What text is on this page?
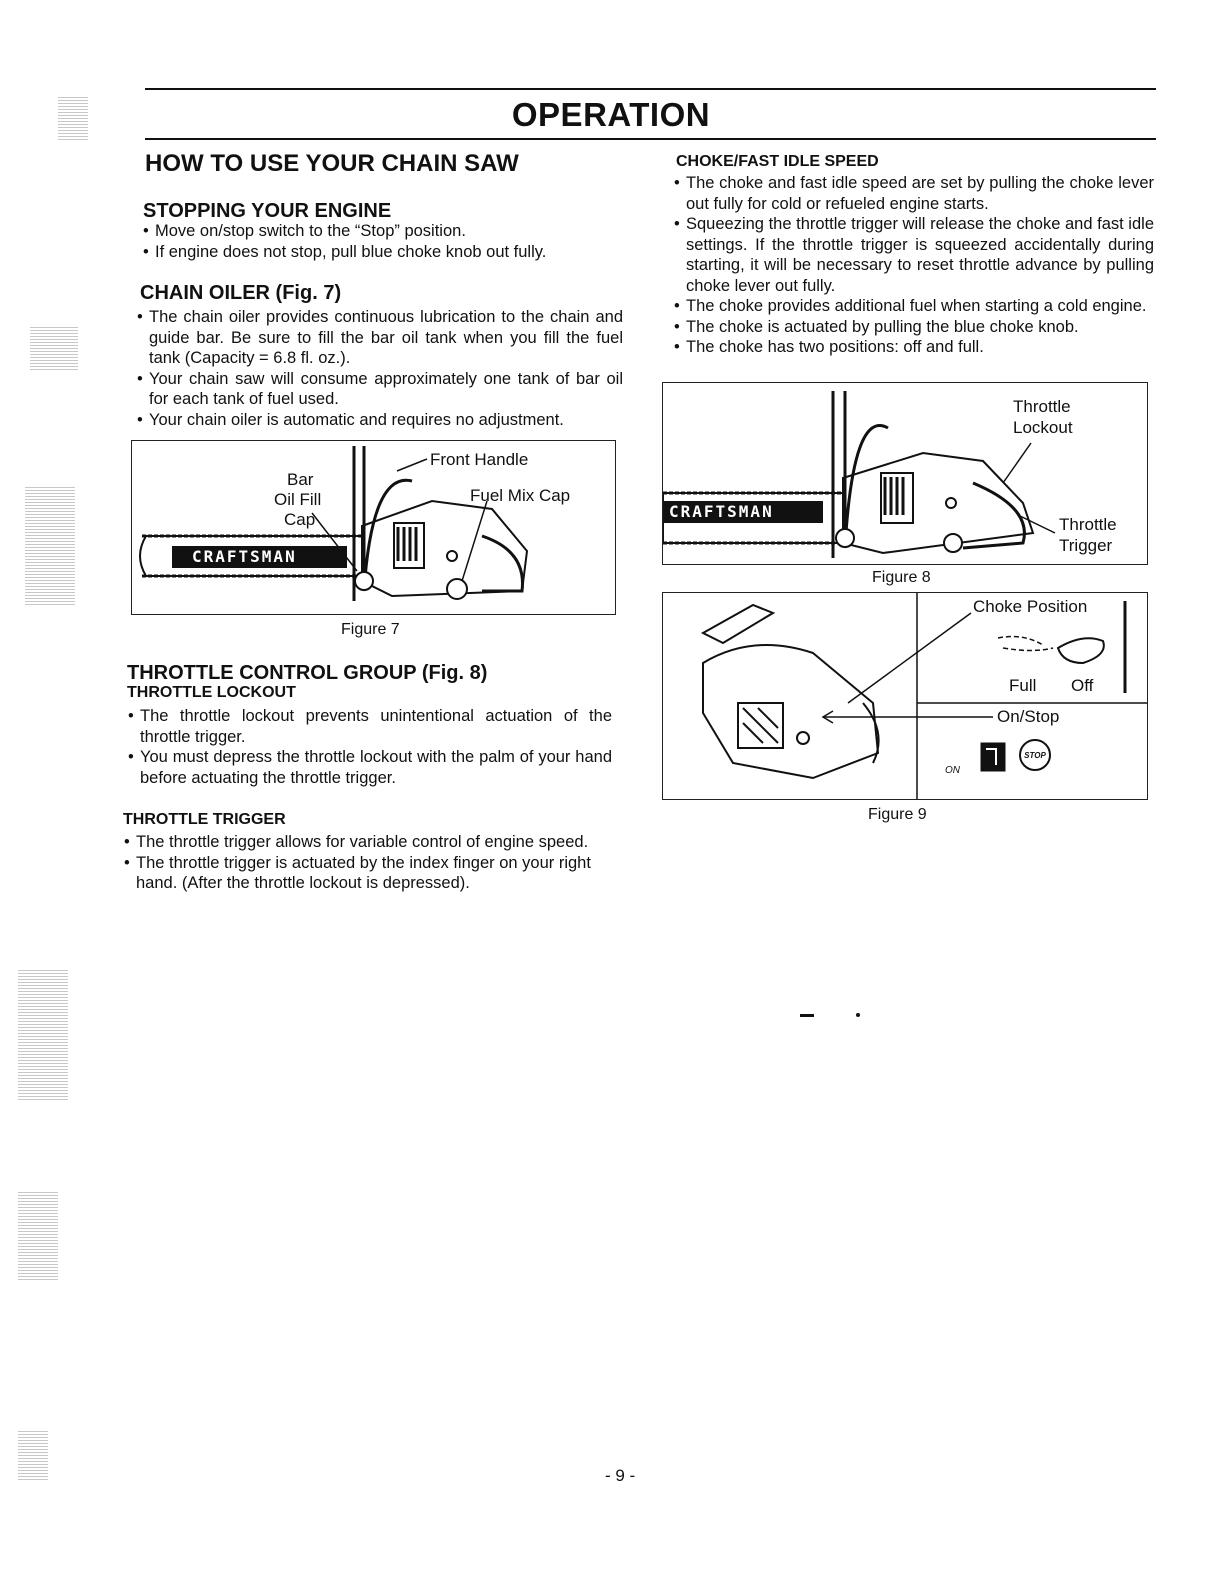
OPERATION
HOW TO USE YOUR CHAIN SAW
STOPPING YOUR ENGINE
• Move on/stop switch to the “Stop” position.
• If engine does not stop, pull blue choke knob out fully.
CHAIN OILER (Fig. 7)
• The chain oiler provides continuous lubrication to the chain and guide bar. Be sure to fill the bar oil tank when you fill the fuel tank (Capacity = 6.8 fl. oz.).
• Your chain saw will consume approximately one tank of bar oil for each tank of fuel used.
• Your chain oiler is automatic and requires no adjustment.
CRAFTSMAN
Front Handle
Bar
Oil Fill
Cap
Fuel Mix Cap
Figure 7
THROTTLE CONTROL GROUP (Fig. 8)
THROTTLE LOCKOUT
• The throttle lockout prevents unintentional actuation of the throttle trigger.
• You must depress the throttle lockout with the palm of your hand before actuating the throttle trigger.
THROTTLE TRIGGER
• The throttle trigger allows for variable control of engine speed.
• The throttle trigger is actuated by the index finger on your right hand. (After the throttle lockout is depressed).
CHOKE/FAST IDLE SPEED
• The choke and fast idle speed are set by pulling the choke lever out fully for cold or refueled engine starts.
• Squeezing the throttle trigger will release the choke and fast idle settings. If the throttle trigger is squeezed accidentally during starting, it will be necessary to reset throttle advance by pulling choke lever out fully.
• The choke provides additional fuel when starting a cold engine.
• The choke is actuated by pulling the blue choke knob.
• The choke has two positions: off and full.
CRAFTSMAN
Throttle
Lockout
Throttle
Trigger
Figure 8
Choke Position
Full Off
On/Stop
ON
STOP
Figure 9
- 9 -
